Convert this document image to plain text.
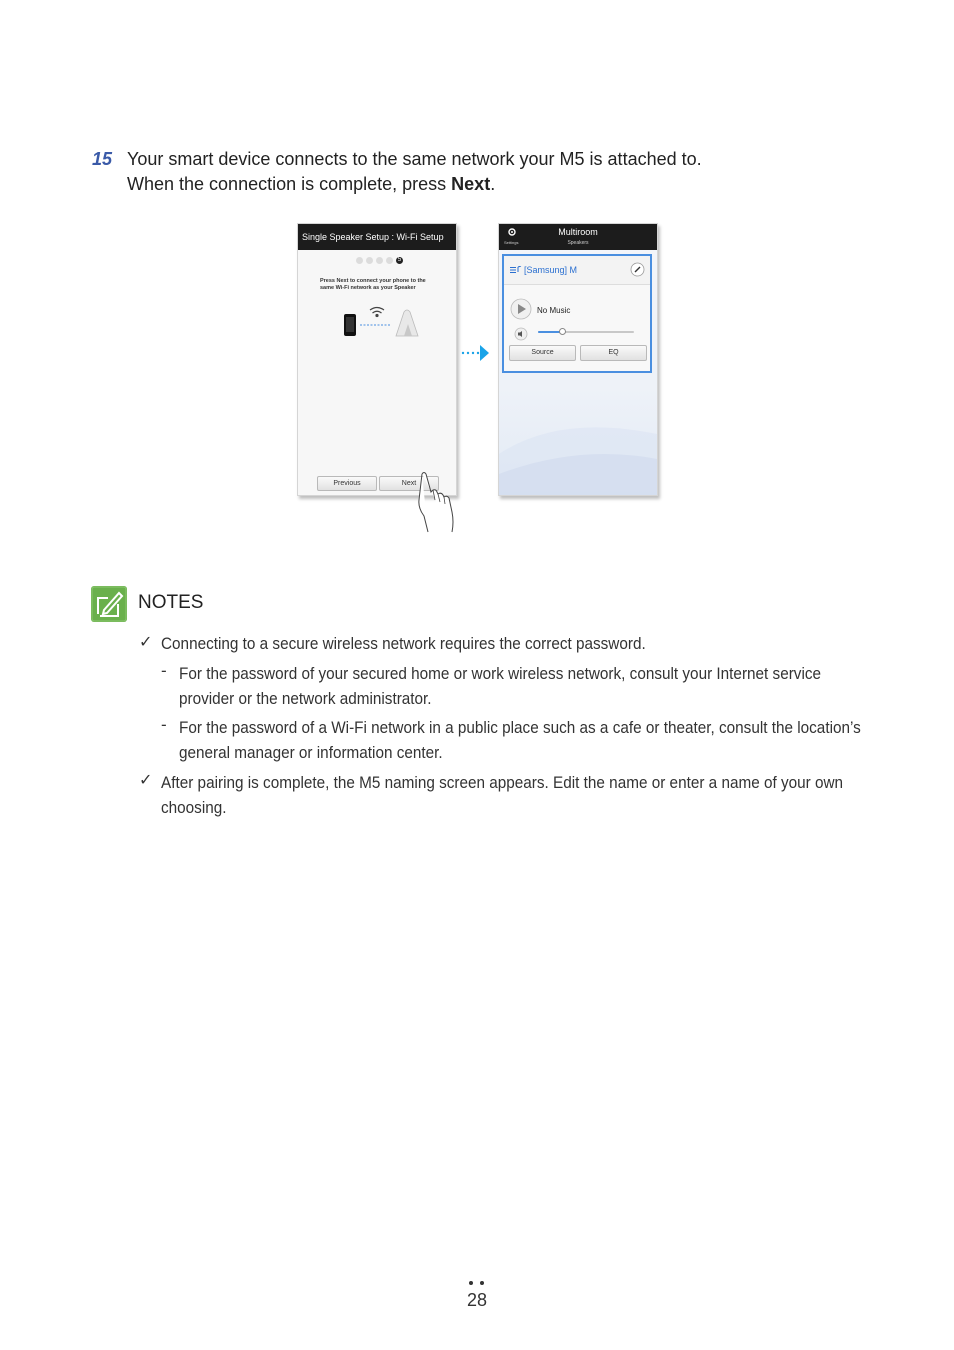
15 Your smart device connects to the same network your M5 is attached to.
When the connection is complete, press Next.
Single Speaker Setup : Wi-Fi Setup
5
Press Next to connect your phone to the
same Wi-Fi network as your Speaker
Previous	Next
Settings
Multiroom
Speakers
[Samsung] M
No Music
Source	EQ
NOTES
✓ Connecting to a secure wireless network requires the correct password.
- For the password of your secured home or work wireless network, consult your Internet service
provider or the network administrator.
- For the password of a Wi-Fi network in a public place such as a cafe or theater, consult the location’s
general manager or information center.
✓ After pairing is complete, the M5 naming screen appears. Edit the name or enter a name of your own
choosing.
28
